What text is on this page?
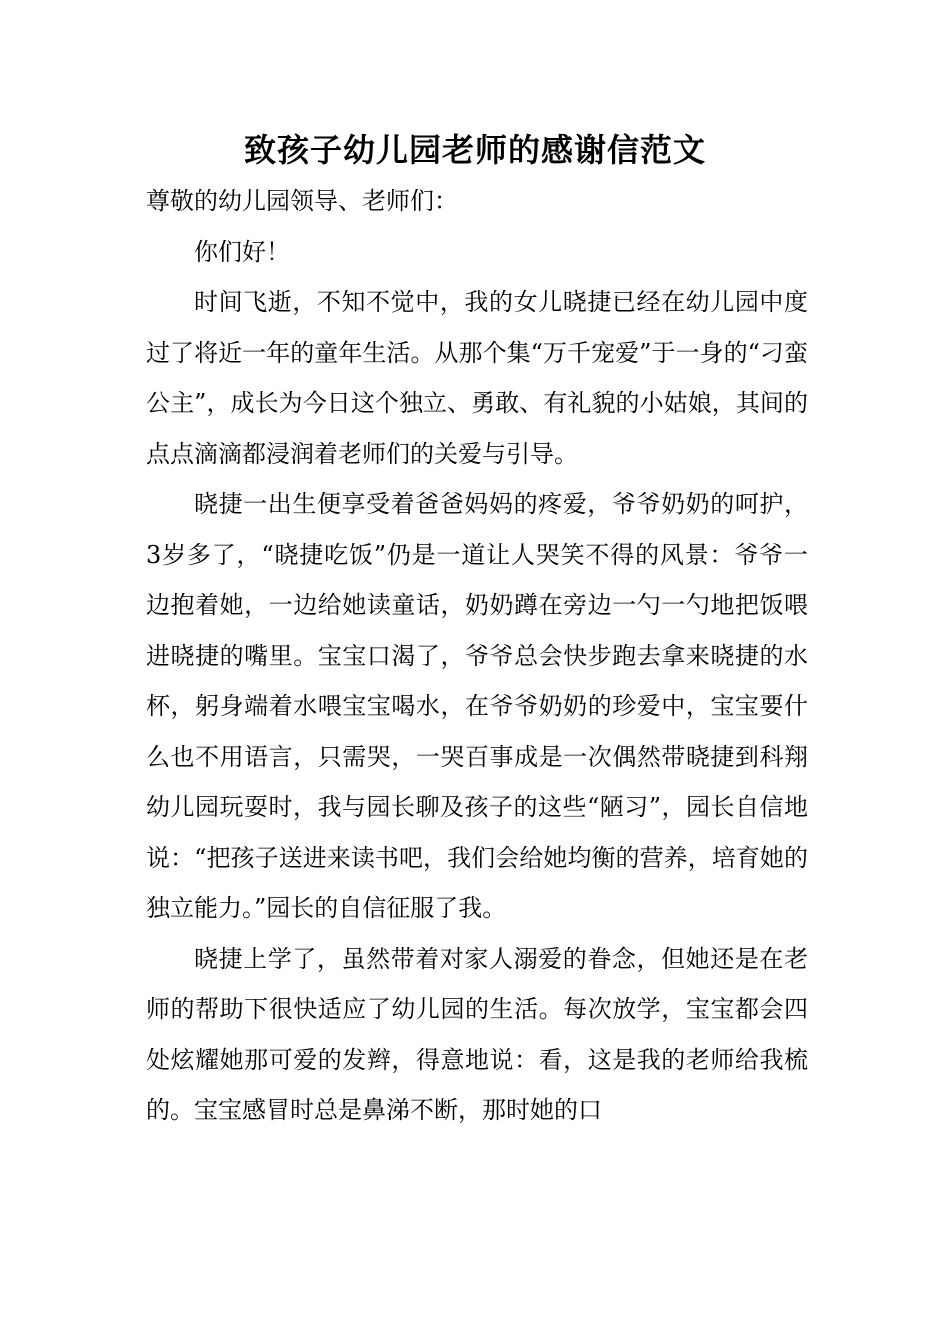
致孩子幼儿园老师的感谢信范文

尊敬的幼儿园领导、老师们：

你们好！

时间飞逝，不知不觉中，我的女儿晓捷已经在幼儿园中度过了将近一年的童年生活。从那个集“万千宠爱”于一身的“刁蛮公主”，成长为今日这个独立、勇敢、有礼貌的小姑娘，其间的点点滴滴都浸润着老师们的关爱与引导。

晓捷一出生便享受着爸爸妈妈的疼爱，爷爷奶奶的呵护，3岁多了，“晓捷吃饭”仍是一道让人哭笑不得的风景：爷爷一边抱着她，一边给她读童话，奶奶蹲在旁边一勺一勺地把饭喂进晓捷的嘴里。宝宝口渴了，爷爷总会快步跑去拿来晓捷的水杯，躬身端着水喂宝宝喝水，在爷爷奶奶的珍爱中，宝宝要什么也不用语言，只需哭，一哭百事成是一次偶然带晓捷到科翔幼儿园玩耍时，我与园长聊及孩子的这些“陋习”，园长自信地说：“把孩子送进来读书吧，我们会给她均衡的营养，培育她的独立能力。”园长的自信征服了我。

晓捷上学了，虽然带着对家人溺爱的眷念，但她还是在老师的帮助下很快适应了幼儿园的生活。每次放学，宝宝都会四处炫耀她那可爱的发辫，得意地说：看，这是我的老师给我梳的。宝宝感冒时总是鼻涕不断，那时她的口
